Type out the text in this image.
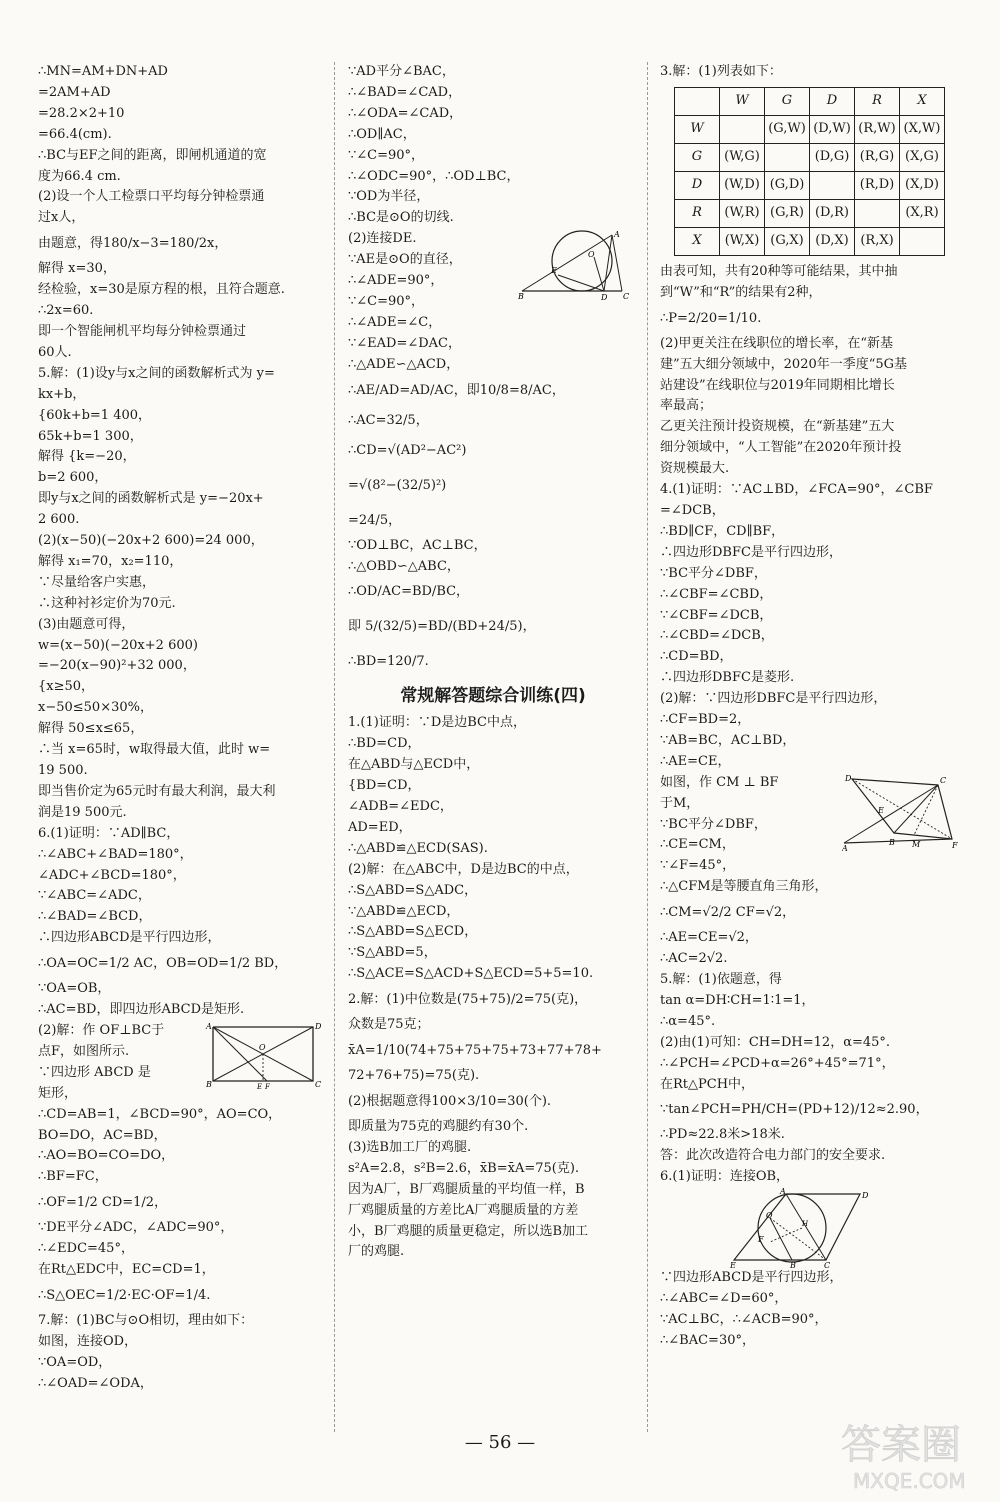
∴MN=AM+DN+AD
=2AM+AD
=28.2×2+10
=66.4(cm).
∴BC与EF之间的距离，即闸机通道的宽
度为66.4 cm.
(2)设一个人工检票口平均每分钟检票通
过x人，
由题意，得180/x−3=180/2x，
解得 x=30，
经检验，x=30是原方程的根，且符合题意.
∴2x=60.
即一个智能闸机平均每分钟检票通过
60人.
5.解：(1)设y与x之间的函数解析式为 y=
kx+b，
{60k+b=1 400，
65k+b=1 300，
解得 {k=−20，
b=2 600，
即y与x之间的函数解析式是 y=−20x+
2 600.
(2)(x−50)(−20x+2 600)=24 000，
解得 x₁=70，x₂=110，
∵尽量给客户实惠，
∴这种衬衫定价为70元.
(3)由题意可得，
w=(x−50)(−20x+2 600)
=−20(x−90)²+32 000，
{x≥50，
x−50≤50×30%，
解得 50≤x≤65，
∴当 x=65时，w取得最大值，此时 w=
19 500.
即当售价定为65元时有最大利润，最大利
润是19 500元.
6.(1)证明：∵AD∥BC，
∴∠ABC+∠BAD=180°，
∠ADC+∠BCD=180°，
∵∠ABC=∠ADC，
∴∠BAD=∠BCD，
∴四边形ABCD是平行四边形，
∴OA=OC=1/2 AC，OB=OD=1/2 BD，
∵OA=OB，
∴AC=BD，即四边形ABCD是矩形.
A	D
B	C
O
E F
(2)解：作 OF⊥BC于
点F，如图所示.
∵四边形 ABCD 是
矩形，
∴CD=AB=1，∠BCD=90°，AO=CO，
BO=DO，AC=BD，
∴AO=BO=CO=DO，
∴BF=FC，
∴OF=1/2 CD=1/2，
∵DE平分∠ADC，∠ADC=90°，
∴∠EDC=45°，
在Rt△EDC中，EC=CD=1，
∴S△OEC=1/2·EC·OF=1/4.
7.解：(1)BC与⊙O相切，理由如下：
如图，连接OD，
∵OA=OD，
∴∠OAD=∠ODA，
∵AD平分∠BAC，
∴∠BAD=∠CAD，
∴∠ODA=∠CAD，
∴OD∥AC，
∵∠C=90°，
∴∠ODC=90°，∴OD⊥BC，
∵OD为半径，
∴BC是⊙O的切线.
A
B	C
D
E
O
(2)连接DE.
∵AE是⊙O的直径，
∴∠ADE=90°，
∵∠C=90°，
∴∠ADE=∠C，
∵∠EAD=∠DAC，
∴△ADE∽△ACD，
∴AE/AD=AD/AC，即10/8=8/AC，
∴AC=32/5，
∴CD=√(AD²−AC²)
=√(8²−(32/5)²)
=24/5，
∵OD⊥BC，AC⊥BC，
∴△OBD∽△ABC，
∴OD/AC=BD/BC，
即 5/(32/5)=BD/(BD+24/5)，
∴BD=120/7.
常规解答题综合训练(四)
1.(1)证明：∵D是边BC中点，
∴BD=CD，
在△ABD与△ECD中，
{BD=CD，
∠ADB=∠EDC，
AD=ED，
∴△ABD≌△ECD(SAS).
(2)解：在△ABC中，D是边BC的中点，
∴S△ABD=S△ADC，
∵△ABD≌△ECD，
∴S△ABD=S△ECD，
∵S△ABD=5，
∴S△ACE=S△ACD+S△ECD=5+5=10.
2.解：(1)中位数是(75+75)/2=75(克)，
众数是75克；
x̄A=1/10(74+75+75+75+73+77+78+
72+76+75)=75(克).
(2)根据题意得100×3/10=30(个).
即质量为75克的鸡腿约有30个.
(3)选B加工厂的鸡腿.
s²A=2.8，s²B=2.6，x̄B=x̄A=75(克).
因为A厂，B厂鸡腿质量的平均值一样，B
厂鸡腿质量的方差比A厂鸡腿质量的方差
小，B厂鸡腿的质量更稳定，所以选B加工
厂的鸡腿.
3.解：(1)列表如下：
	W	G	D	R	X
W		(G,W)	(D,W)	(R,W)	(X,W)
G	(W,G)		(D,G)	(R,G)	(X,G)
D	(W,D)	(G,D)		(R,D)	(X,D)
R	(W,R)	(G,R)	(D,R)		(X,R)
X	(W,X)	(G,X)	(D,X)	(R,X)	
由表可知，共有20种等可能结果，其中抽
到“W”和“R”的结果有2种，
∴P=2/20=1/10.
(2)甲更关注在线职位的增长率，在“新基
建”五大细分领域中，2020年一季度“5G基
站建设”在线职位与2019年同期相比增长
率最高；
乙更关注预计投资规模，在“新基建”五大
细分领域中，“人工智能”在2020年预计投
资规模最大.
4.(1)证明：∵AC⊥BD，∠FCA=90°，∠CBF
=∠DCB，
∴BD∥CF，CD∥BF，
∴四边形DBFC是平行四边形，
∵BC平分∠DBF，
∴∠CBF=∠CBD，
∵∠CBF=∠DCB，
∴∠CBD=∠DCB，
∴CD=BD，
∴四边形DBFC是菱形.
(2)解：∵四边形DBFC是平行四边形，
∴CF=BD=2，
∵AB=BC，AC⊥BD，
∴AE=CE，
D	C
A
B M	F
E
如图，作 CM ⊥ BF
于M，
∵BC平分∠DBF，
∴CE=CM，
∵∠F=45°，
∴△CFM是等腰直角三角形，
∴CM=√2/2 CF=√2，
∴AE=CE=√2，
∴AC=2√2.
5.解：(1)依题意，得
tan α=DH∶CH=1∶1=1，
∴α=45°.
(2)由(1)可知：CH=DH=12，α=45°.
∴∠PCH=∠PCD+α=26°+45°=71°，
在Rt△PCH中，
∵tan∠PCH=PH/CH=(PD+12)/12≈2.90，
∴PD≈22.8米>18米.
答：此次改造符合电力部门的安全要求.
6.(1)证明：连接OB，
A	D
E	B	C
F
O
H
∵四边形ABCD是平行四边形，
∴∠ABC=∠D=60°，
∵AC⊥BC，∴∠ACB=90°，
∴∠BAC=30°，
— 56 —	答案圈
MXQE.COM
